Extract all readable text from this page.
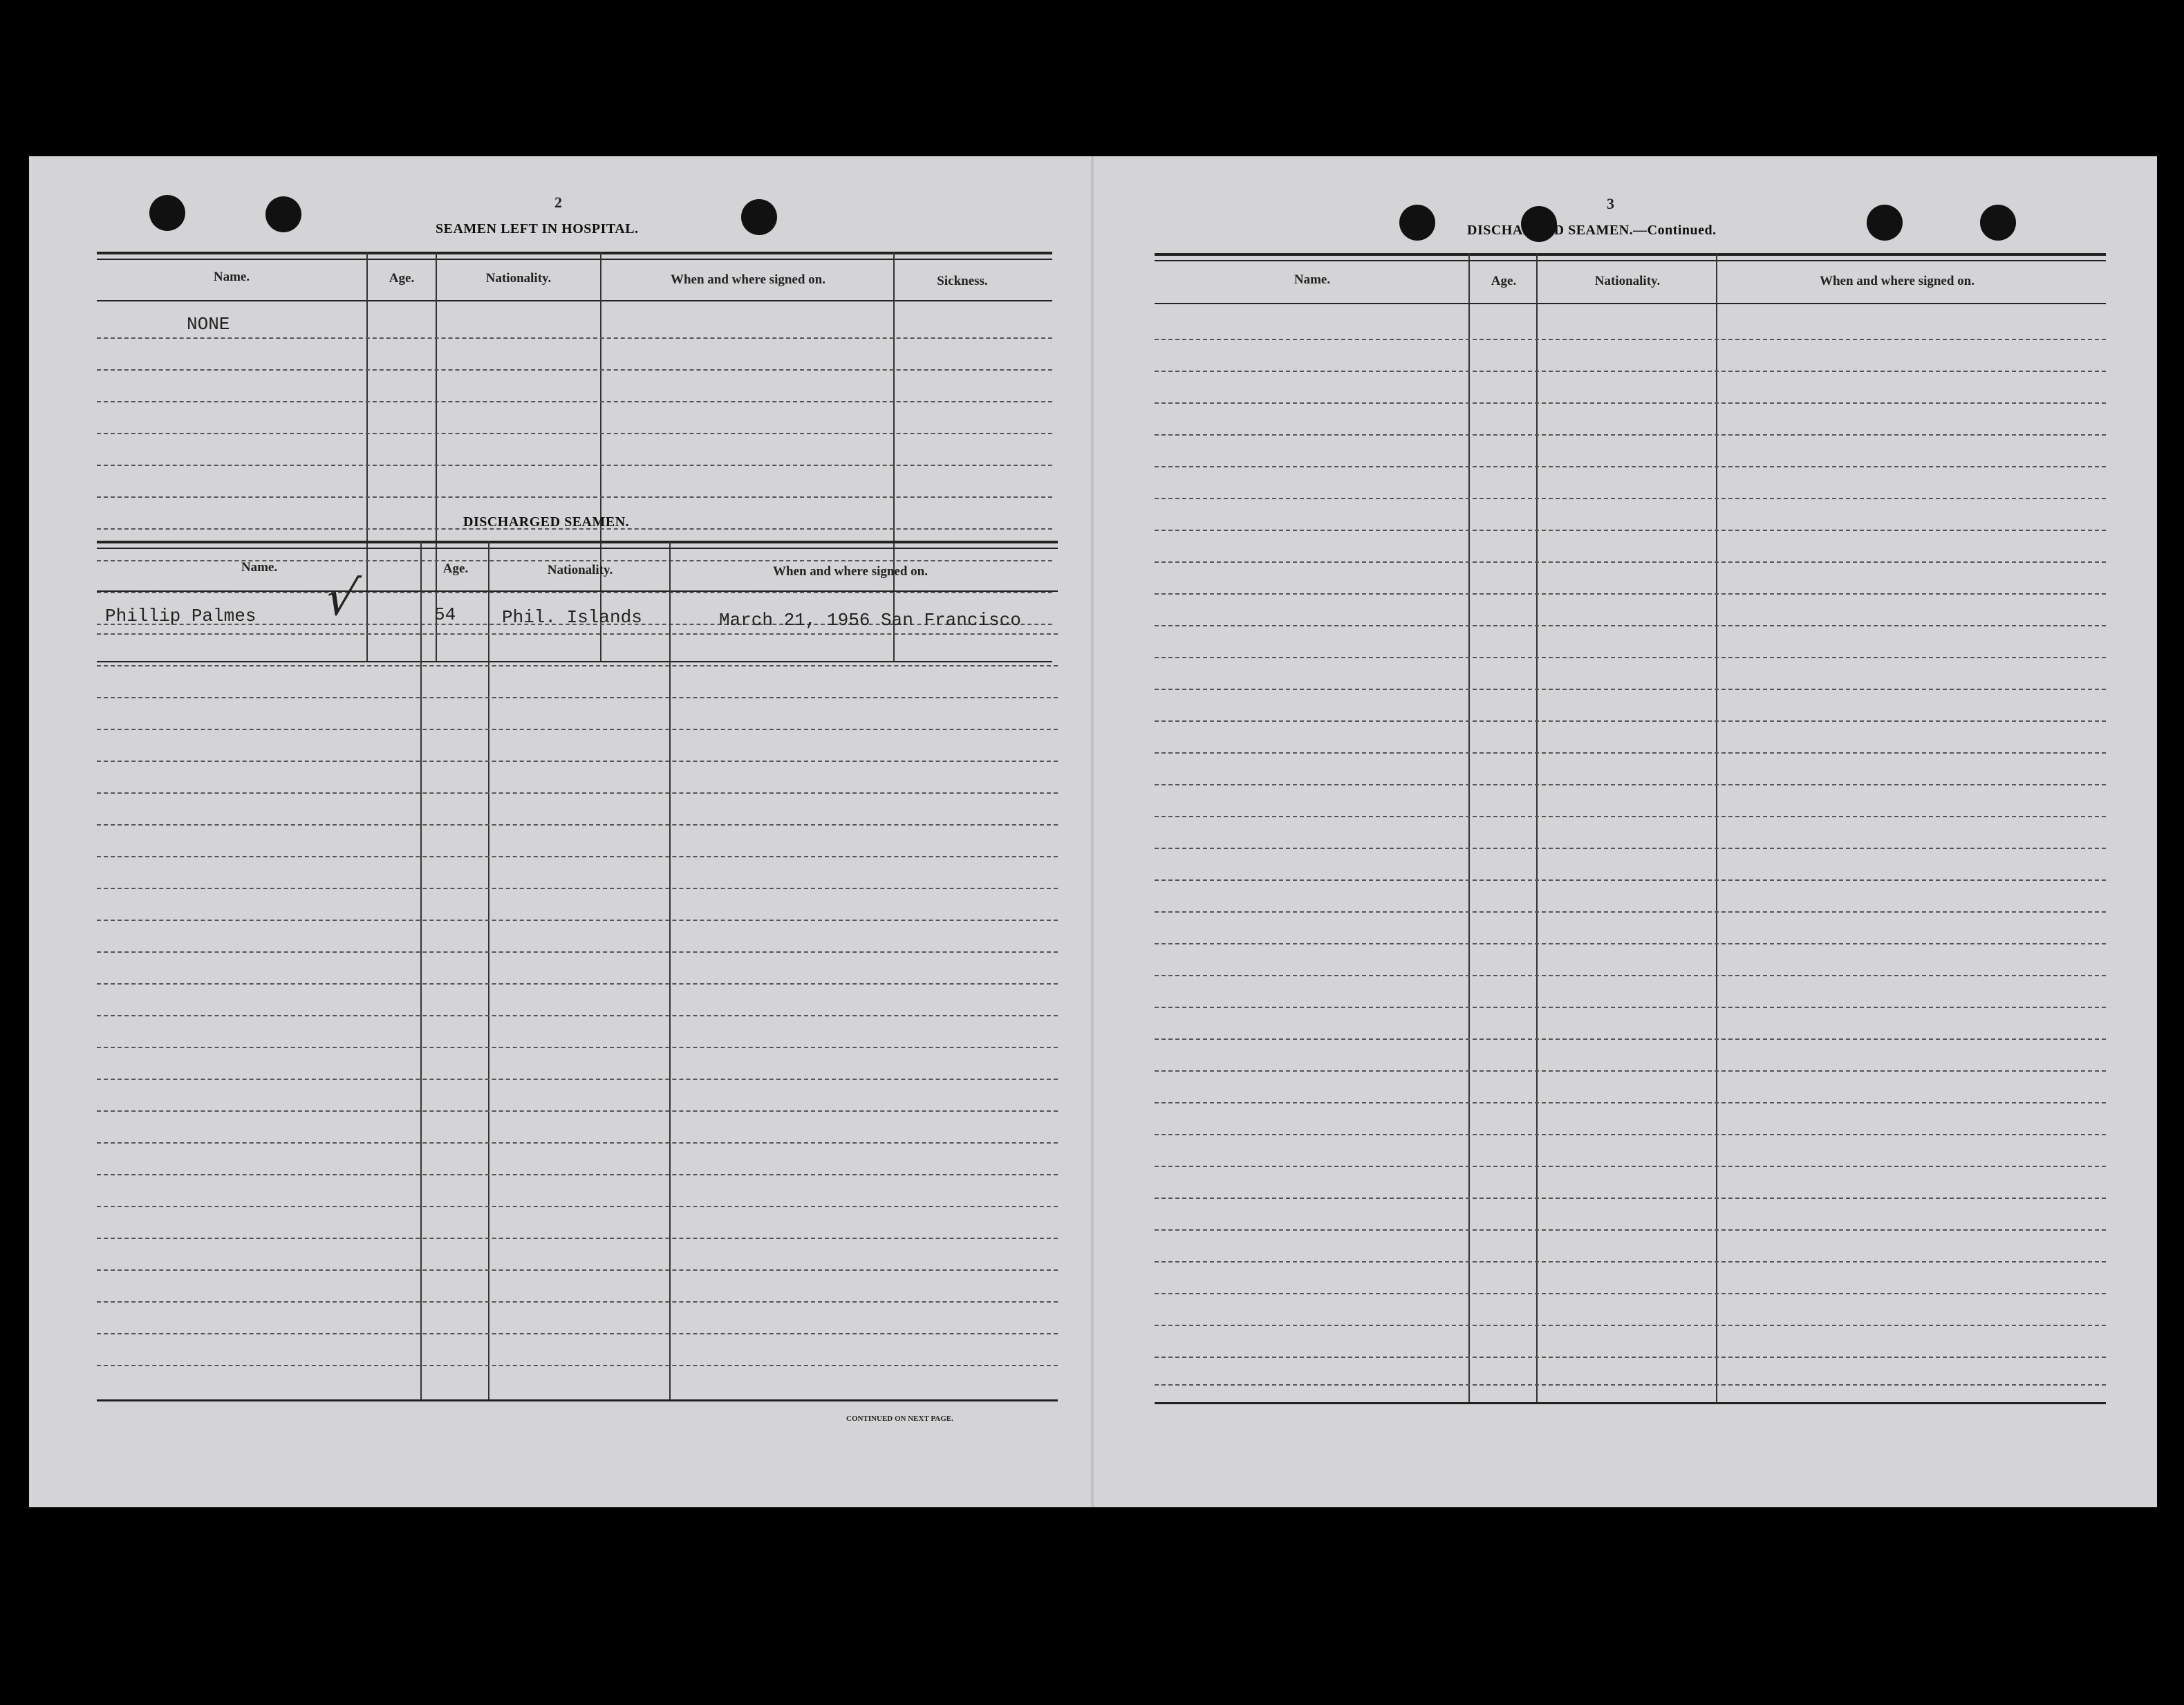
2
SEAMEN LEFT IN HOSPITAL.
Name.	Age.	Nationality.	When and where signed on.	Sickness.
NONE
DISCHARGED SEAMEN.
Name.	Age.	Nationality.	When and where signed on.
Phillip Palmes √	54	Phil. Islands	March 21, 1956 San Francisco
CONTINUED ON NEXT PAGE.
3
DISCHARGED SEAMEN.—Continued.
Name.	Age.	Nationality.	When and where signed on.
